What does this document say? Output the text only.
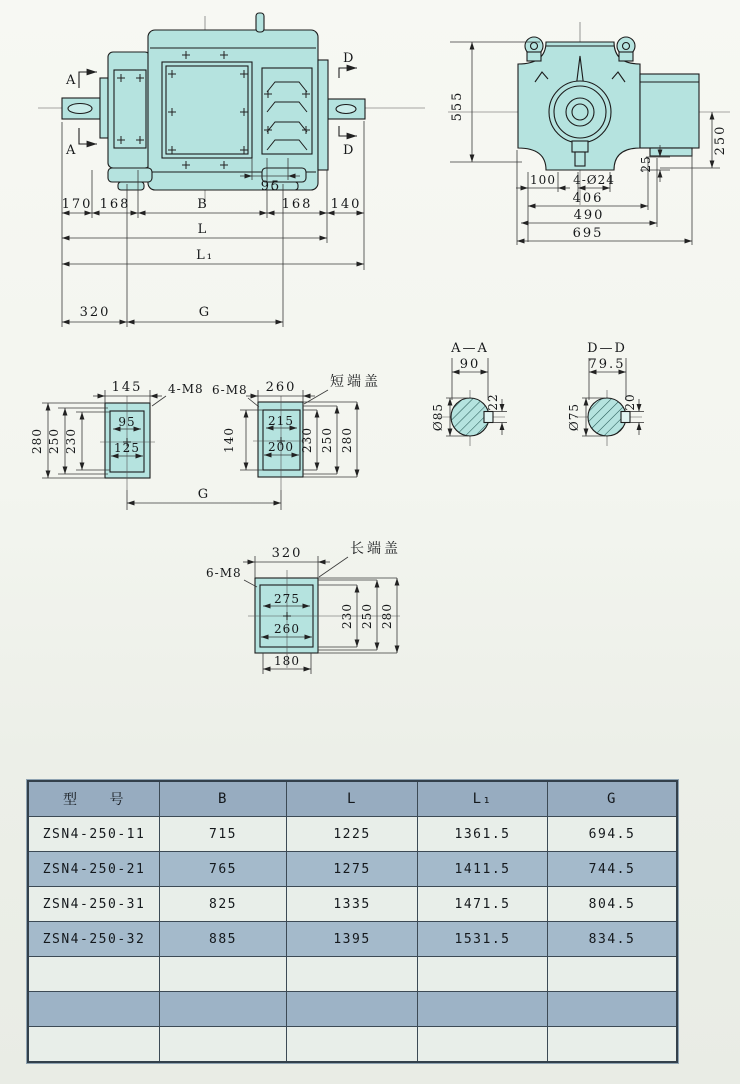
A
A
D
D
170 168	B
95
168 140
L
L₁
320	G
555
250
25
100 4-Ø24
406
490
695
145 4-M8
95
125
280 250 230
260
6-M8	短端盖
215
200
140	230 250 280
G
A—A
90
Ø85
22
D—D
79.5
Ø75
20
320
6-M8
长端盖
275
260
180
230 250 280
型　　号	B	L	L₁	G
ZSN4-250-11	715	1225	1361.5	694.5
ZSN4-250-21	765	1275	1411.5	744.5
ZSN4-250-31	825	1335	1471.5	804.5
ZSN4-250-32	885	1395	1531.5	834.5
